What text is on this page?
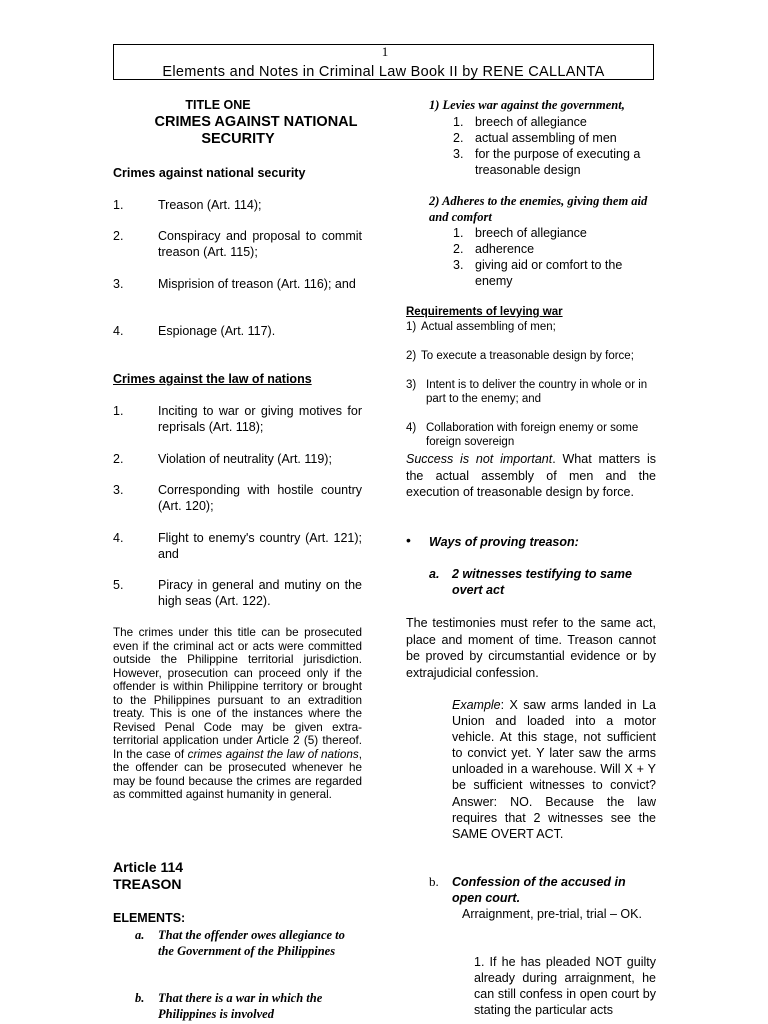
1
Elements and Notes in Criminal Law Book II by RENE CALLANTA
TITLE ONE
CRIMES AGAINST NATIONAL
SECURITY
Crimes against national security
1.	Treason (Art. 114);
2.	Conspiracy and proposal to commit treason (Art. 115);
3.	Misprision of treason (Art. 116); and
4.	Espionage (Art. 117).
Crimes against the law of nations
1.	Inciting to war or giving motives for reprisals (Art. 118);
2.	Violation of neutrality (Art. 119);
3.	Corresponding with hostile country (Art. 120);
4.	Flight to enemy's country (Art. 121); and
5.	Piracy in general and mutiny on the high seas (Art. 122).
The crimes under this title can be prosecuted even if the criminal act or acts were committed outside the Philippine territorial jurisdiction. However, prosecution can proceed only if the offender is within Philippine territory or brought to the Philippines pursuant to an extradition treaty. This is one of the instances where the Revised Penal Code may be given extra-territorial application under Article 2 (5) thereof. In the case of crimes against the law of nations, the offender can be prosecuted whenever he may be found because the crimes are regarded as committed against humanity in general.
Article 114
TREASON
ELEMENTS:
a. That the offender owes allegiance to the Government of the Philippines
b. That there is a war in which the Philippines is involved
1) Levies war against the government,
1. breech of allegiance
2. actual assembling of men
3. for the purpose of executing a treasonable design
2) Adheres to the enemies, giving them aid and comfort
1. breech of allegiance
2. adherence
3. giving aid or comfort to the enemy
Requirements of levying war
1) Actual assembling of men;
2) To execute a treasonable design by force;
3) Intent is to deliver the country in whole or in part to the enemy; and
4) Collaboration with foreign enemy or some foreign sovereign
Success is not important. What matters is the actual assembly of men and the execution of treasonable design by force.
• Ways of proving treason:
a. 2 witnesses testifying to same overt act
The testimonies must refer to the same act, place and moment of time. Treason cannot be proved by circumstantial evidence or by extrajudicial confession.
Example: X saw arms landed in La Union and loaded into a motor vehicle. At this stage, not sufficient to convict yet. Y later saw the arms unloaded in a warehouse. Will X + Y be sufficient witnesses to convict? Answer: NO. Because the law requires that 2 witnesses see the SAME OVERT ACT.
b. Confession of the accused in open court.
Arraignment, pre-trial, trial – OK.
1. If he has pleaded NOT guilty already during arraignment, he can still confess in open court by stating the particular acts
